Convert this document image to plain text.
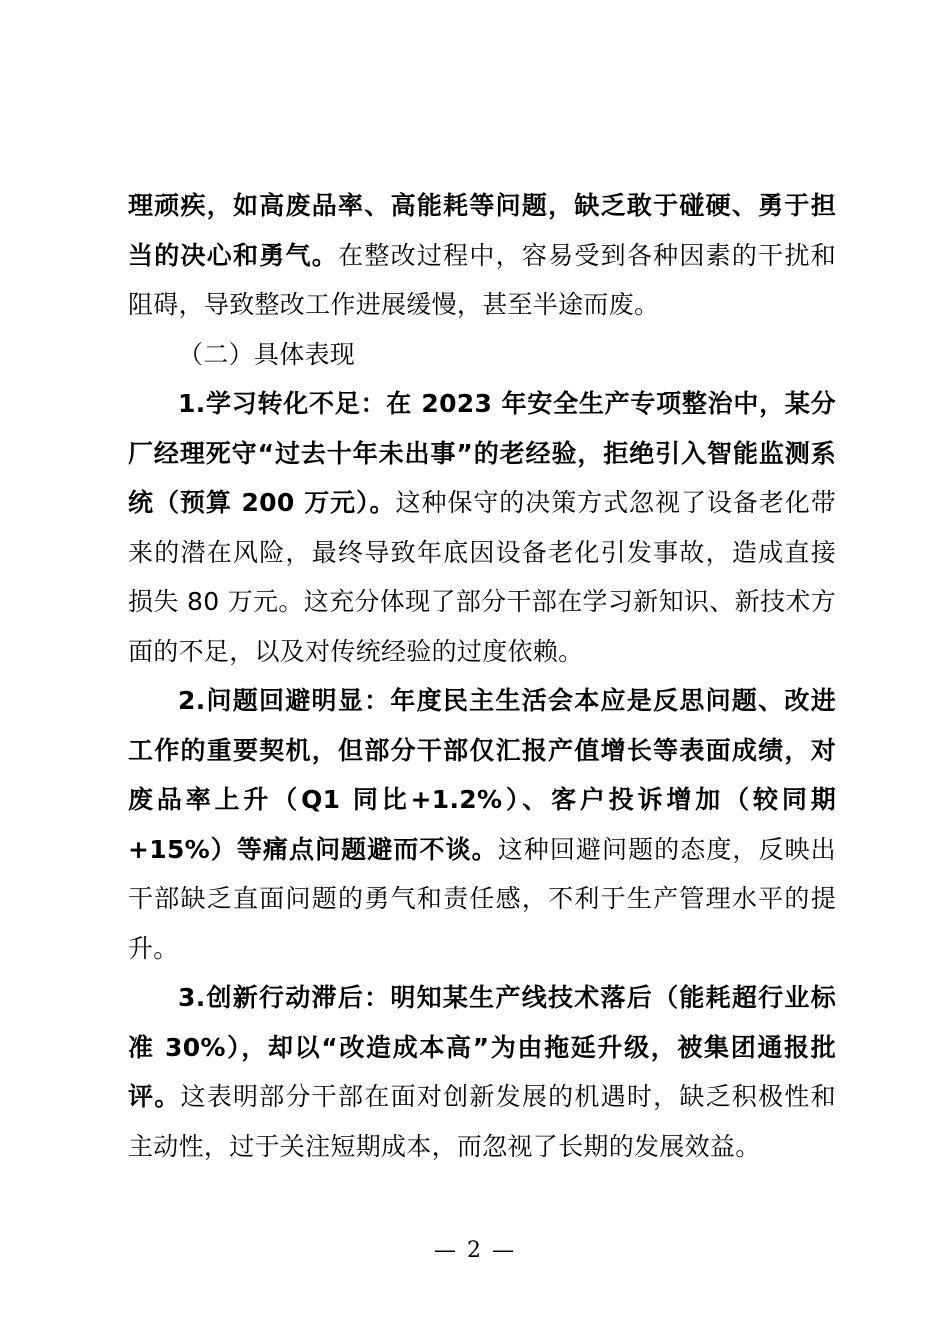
理顽疾，如高废品率、高能耗等问题，缺乏敢于碰硬、勇于担当的决心和勇气。在整改过程中，容易受到各种因素的干扰和阻碍，导致整改工作进展缓慢，甚至半途而废。

（二）具体表现

1.学习转化不足：在 2023 年安全生产专项整治中，某分厂经理死守“过去十年未出事”的老经验，拒绝引入智能监测系统（预算 200 万元）。这种保守的决策方式忽视了设备老化带来的潜在风险，最终导致年底因设备老化引发事故，造成直接损失 80 万元。这充分体现了部分干部在学习新知识、新技术方面的不足，以及对传统经验的过度依赖。

2.问题回避明显：年度民主生活会本应是反思问题、改进工作的重要契机，但部分干部仅汇报产值增长等表面成绩，对废品率上升（Q1 同比+1.2%）、客户投诉增加（较同期+15%）等痛点问题避而不谈。这种回避问题的态度，反映出干部缺乏直面问题的勇气和责任感，不利于生产管理水平的提升。

3.创新行动滞后：明知某生产线技术落后（能耗超行业标准 30%），却以“改造成本高”为由拖延升级，被集团通报批评。这表明部分干部在面对创新发展的机遇时，缺乏积极性和主动性，过于关注短期成本，而忽视了长期的发展效益。

— 2 —
